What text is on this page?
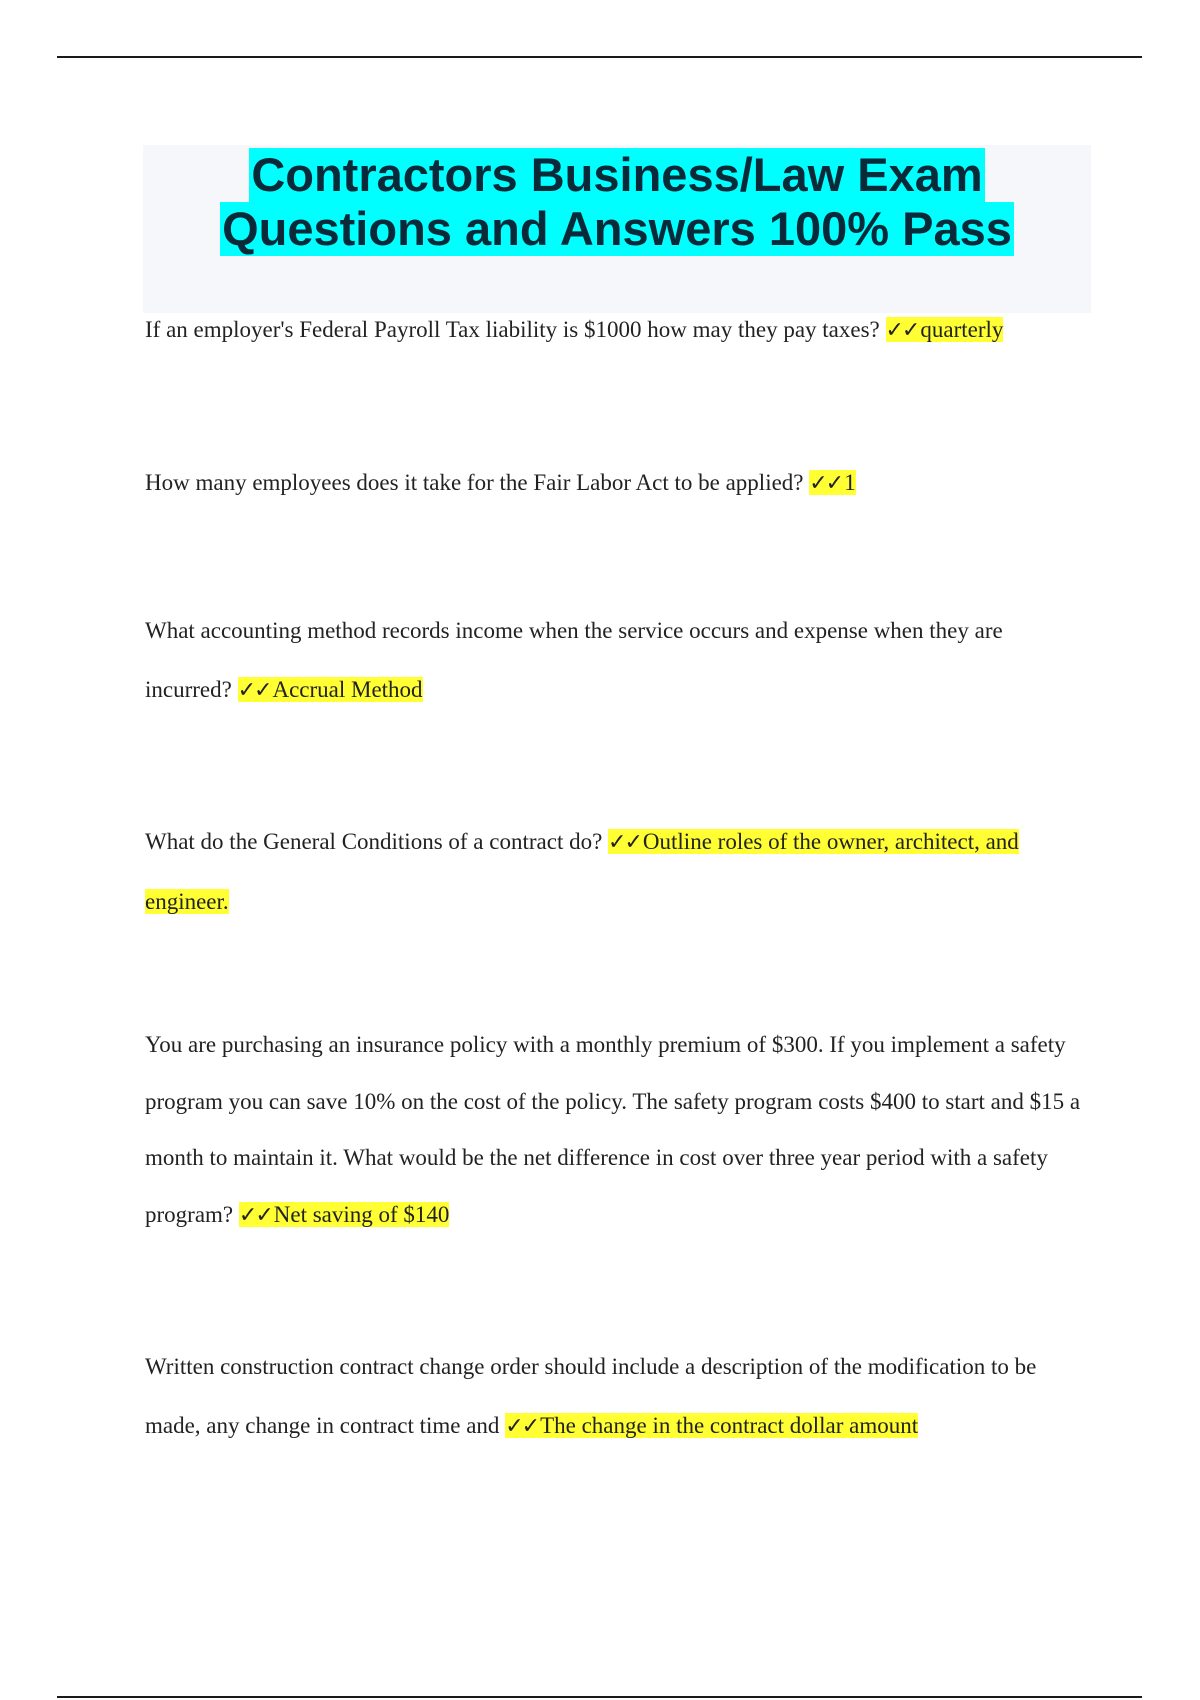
Contractors Business/Law Exam
Questions and Answers 100% Pass
If an employer's Federal Payroll Tax liability is $1000 how may they pay taxes? ✓✓quarterly
How many employees does it take for the Fair Labor Act to be applied? ✓✓1
What accounting method records income when the service occurs and expense when they are incurred? ✓✓Accrual Method
What do the General Conditions of a contract do? ✓✓Outline roles of the owner, architect, and engineer.
You are purchasing an insurance policy with a monthly premium of $300. If you implement a safety program you can save 10% on the cost of the policy. The safety program costs $400 to start and $15 a month to maintain it. What would be the net difference in cost over three year period with a safety program? ✓✓Net saving of $140
Written construction contract change order should include a description of the modification to be made, any change in contract time and ✓✓The change in the contract dollar amount
